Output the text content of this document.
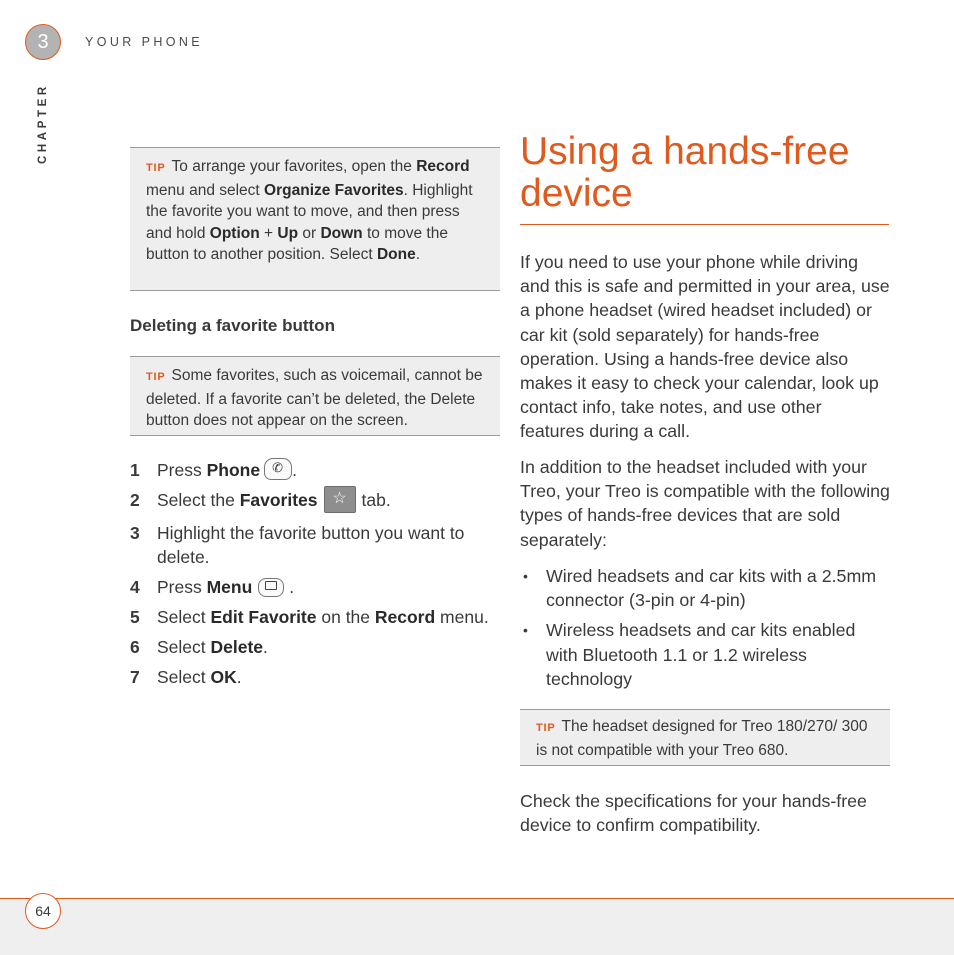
3	YOUR PHONE
CHAPTER
TIP To arrange your favorites, open the Record menu and select Organize Favorites. Highlight the favorite you want to move, and then press and hold Option + Up or Down to move the button to another position. Select Done.
Deleting a favorite button
TIP Some favorites, such as voicemail, cannot be deleted. If a favorite can’t be deleted, the Delete button does not appear on the screen.
1 Press Phone ✆ .
2 Select the Favorites ☆ tab.
3 Highlight the favorite button you want to delete.
4 Press Menu .
5 Select Edit Favorite on the Record menu.
6 Select Delete.
7 Select OK.
Using a hands-free device
If you need to use your phone while driving and this is safe and permitted in your area, use a phone headset (wired headset included) or car kit (sold separately) for hands-free operation. Using a hands-free device also makes it easy to check your calendar, look up contact info, take notes, and use other features during a call.
In addition to the headset included with your Treo, your Treo is compatible with the following types of hands-free devices that are sold separately:
• Wired headsets and car kits with a 2.5mm connector (3-pin or 4-pin)
• Wireless headsets and car kits enabled with Bluetooth 1.1 or 1.2 wireless technology
TIP The headset designed for Treo 180/270/ 300 is not compatible with your Treo 680.
Check the specifications for your hands-free device to confirm compatibility.
64
